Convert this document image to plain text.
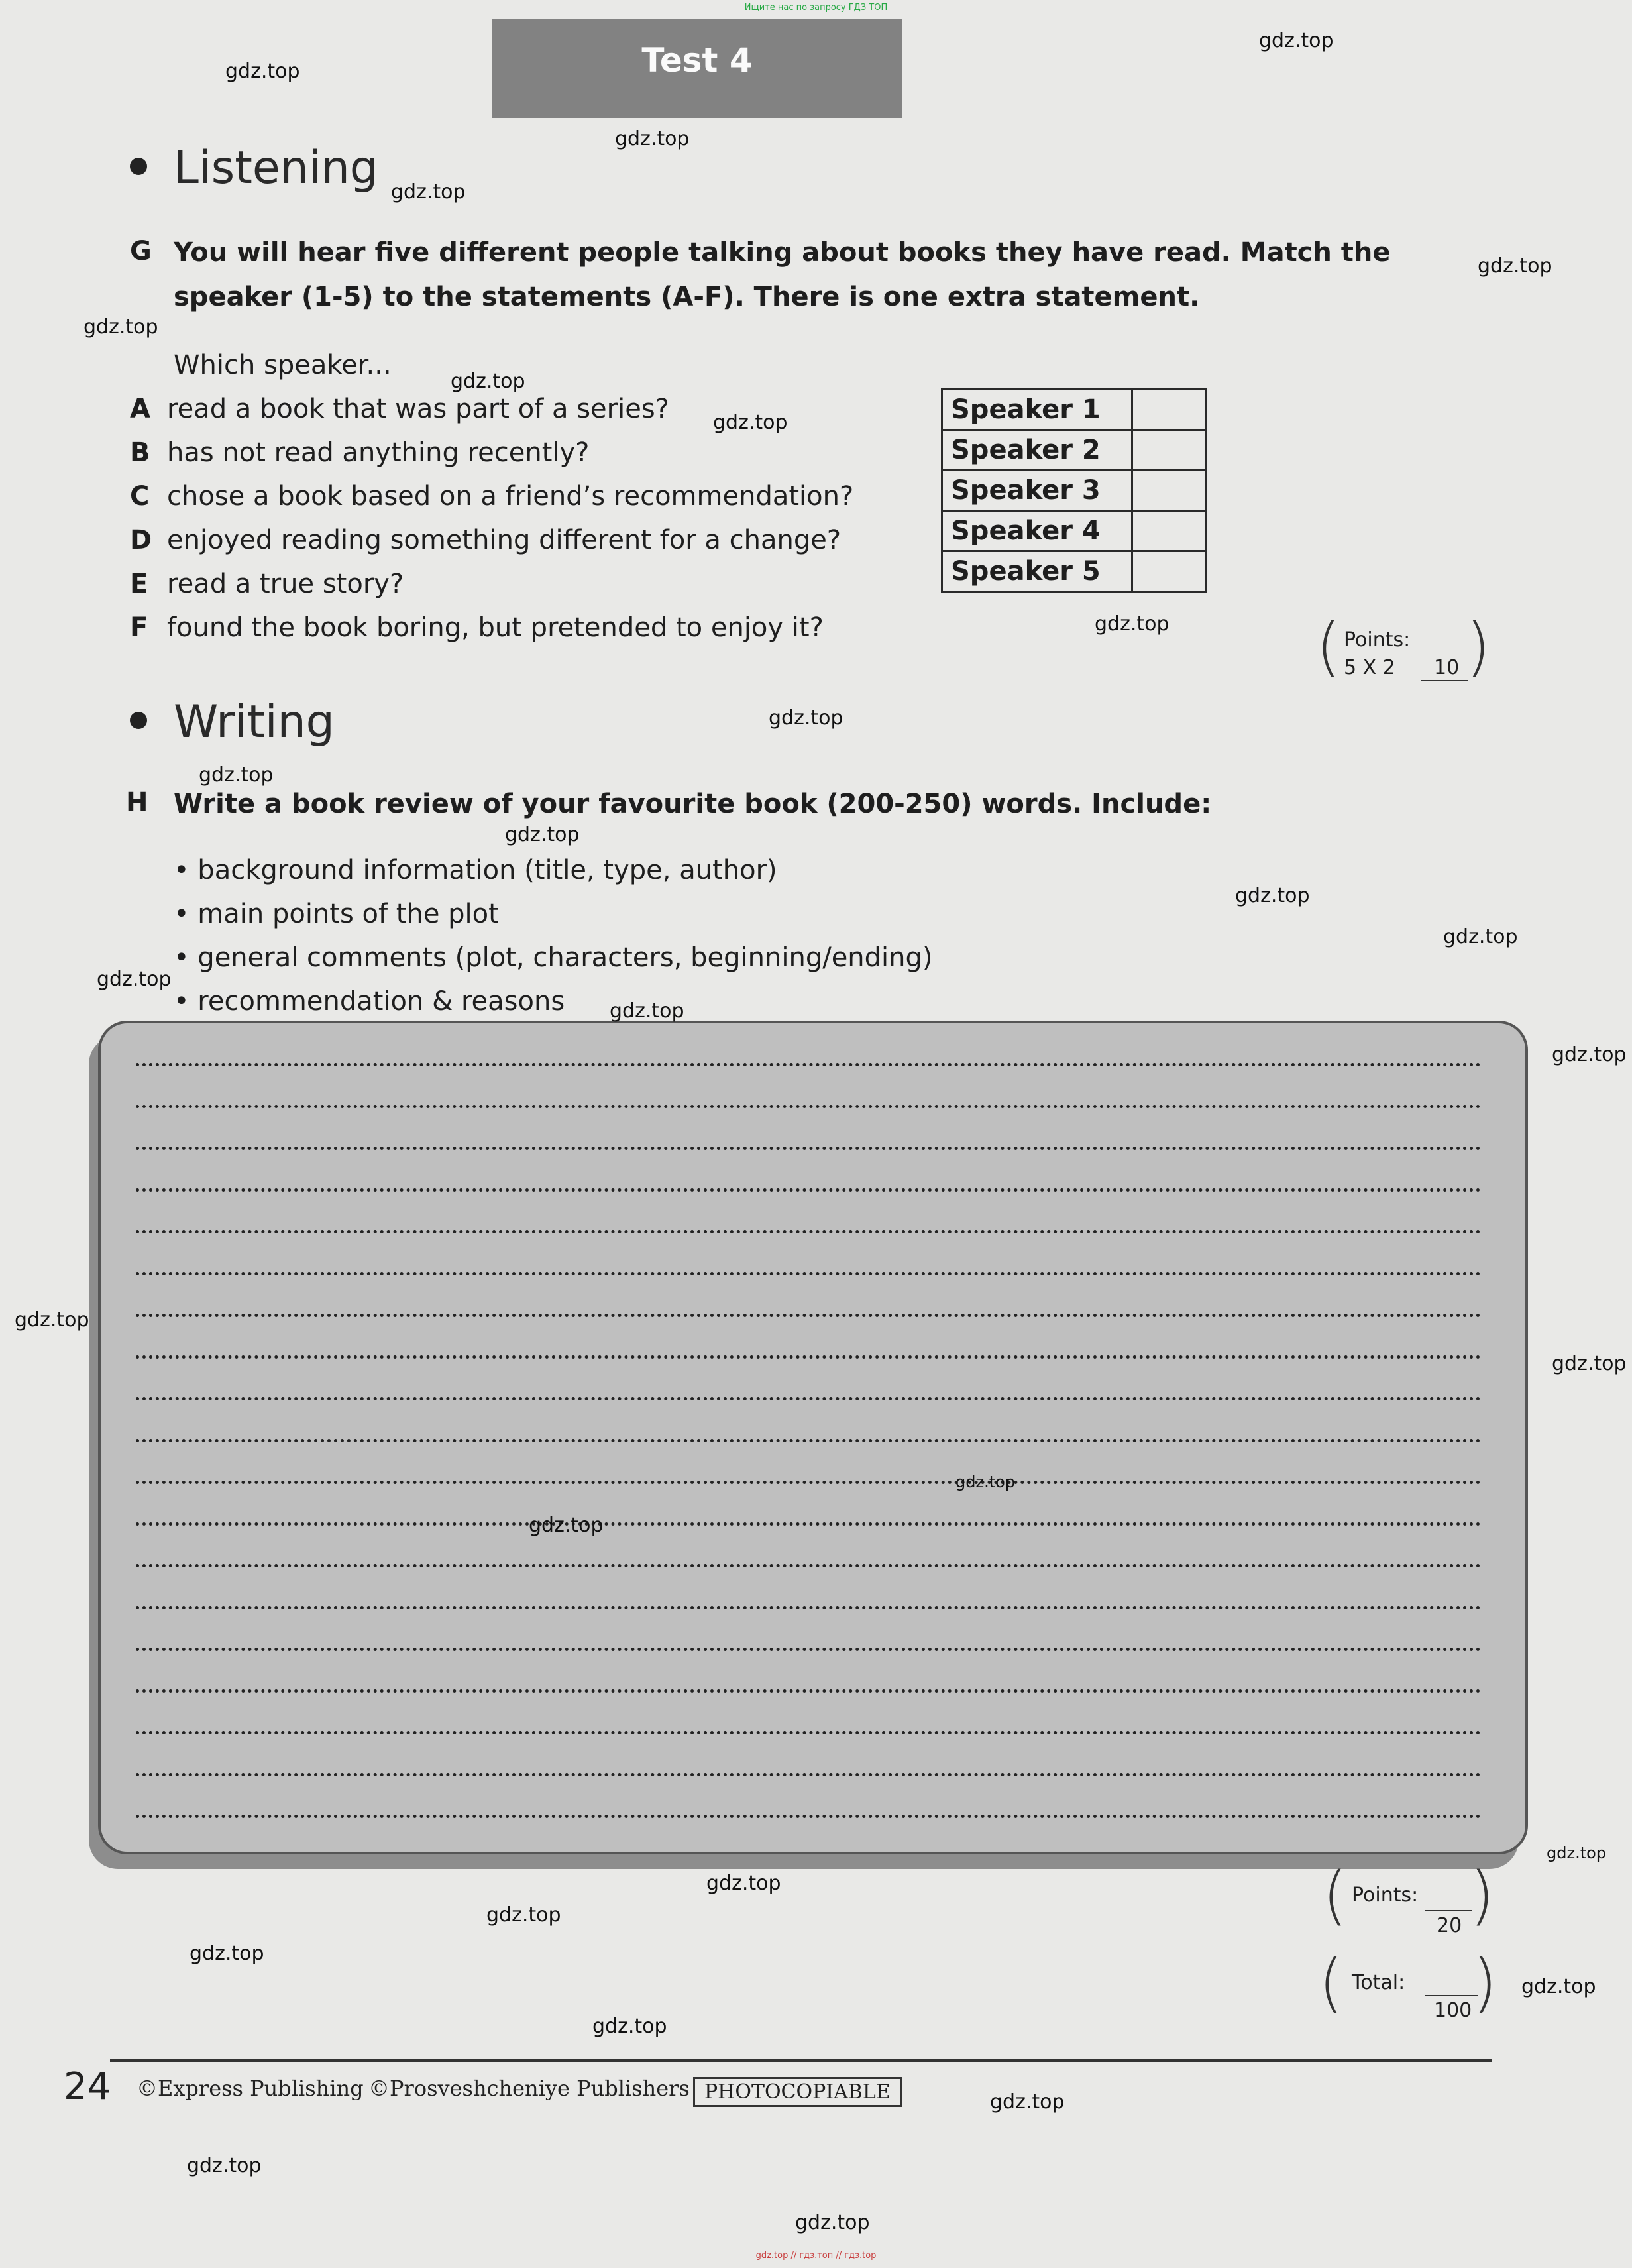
Ищите нас по запросу ГДЗ ТОП
gdz.top // гдз.топ // гдз.top
Test 4
Listening
G You will hear five different people talking about books they have read. Match the
speaker (1-5) to the statements (A-F). There is one extra statement.
Which speaker...
A read a book that was part of a series?
B has not read anything recently?
C chose a book based on a friend’s recommendation?
D enjoyed reading something different for a change?
E read a true story?
F found the book boring, but pretended to enjoy it?
Speaker 1	
Speaker 2	
Speaker 3	
Speaker 4	
Speaker 5	
( Points:
5 X 2 10 )
Writing
H Write a book review of your favourite book (200-250) words. Include:
• background information (title, type, author)
• main points of the plot
• general comments (plot, characters, beginning/ending)
• recommendation & reasons
( Points:
20 )
( Total:
100 )
24 ©Express Publishing ©Prosveshcheniye Publishers PHOTOCOPIABLE
gdz.top
gdz.top
gdz.top
gdz.top
gdz.top
gdz.top
gdz.top
gdz.top
gdz.top
gdz.top
gdz.top
gdz.top
gdz.top
gdz.top
gdz.top
gdz.top
gdz.top
gdz.top
gdz.top
gdz.top
gdz.top
gdz.top
gdz.top
gdz.top
gdz.top
gdz.top
gdz.top
gdz.top
gdz.top
gdz.top
